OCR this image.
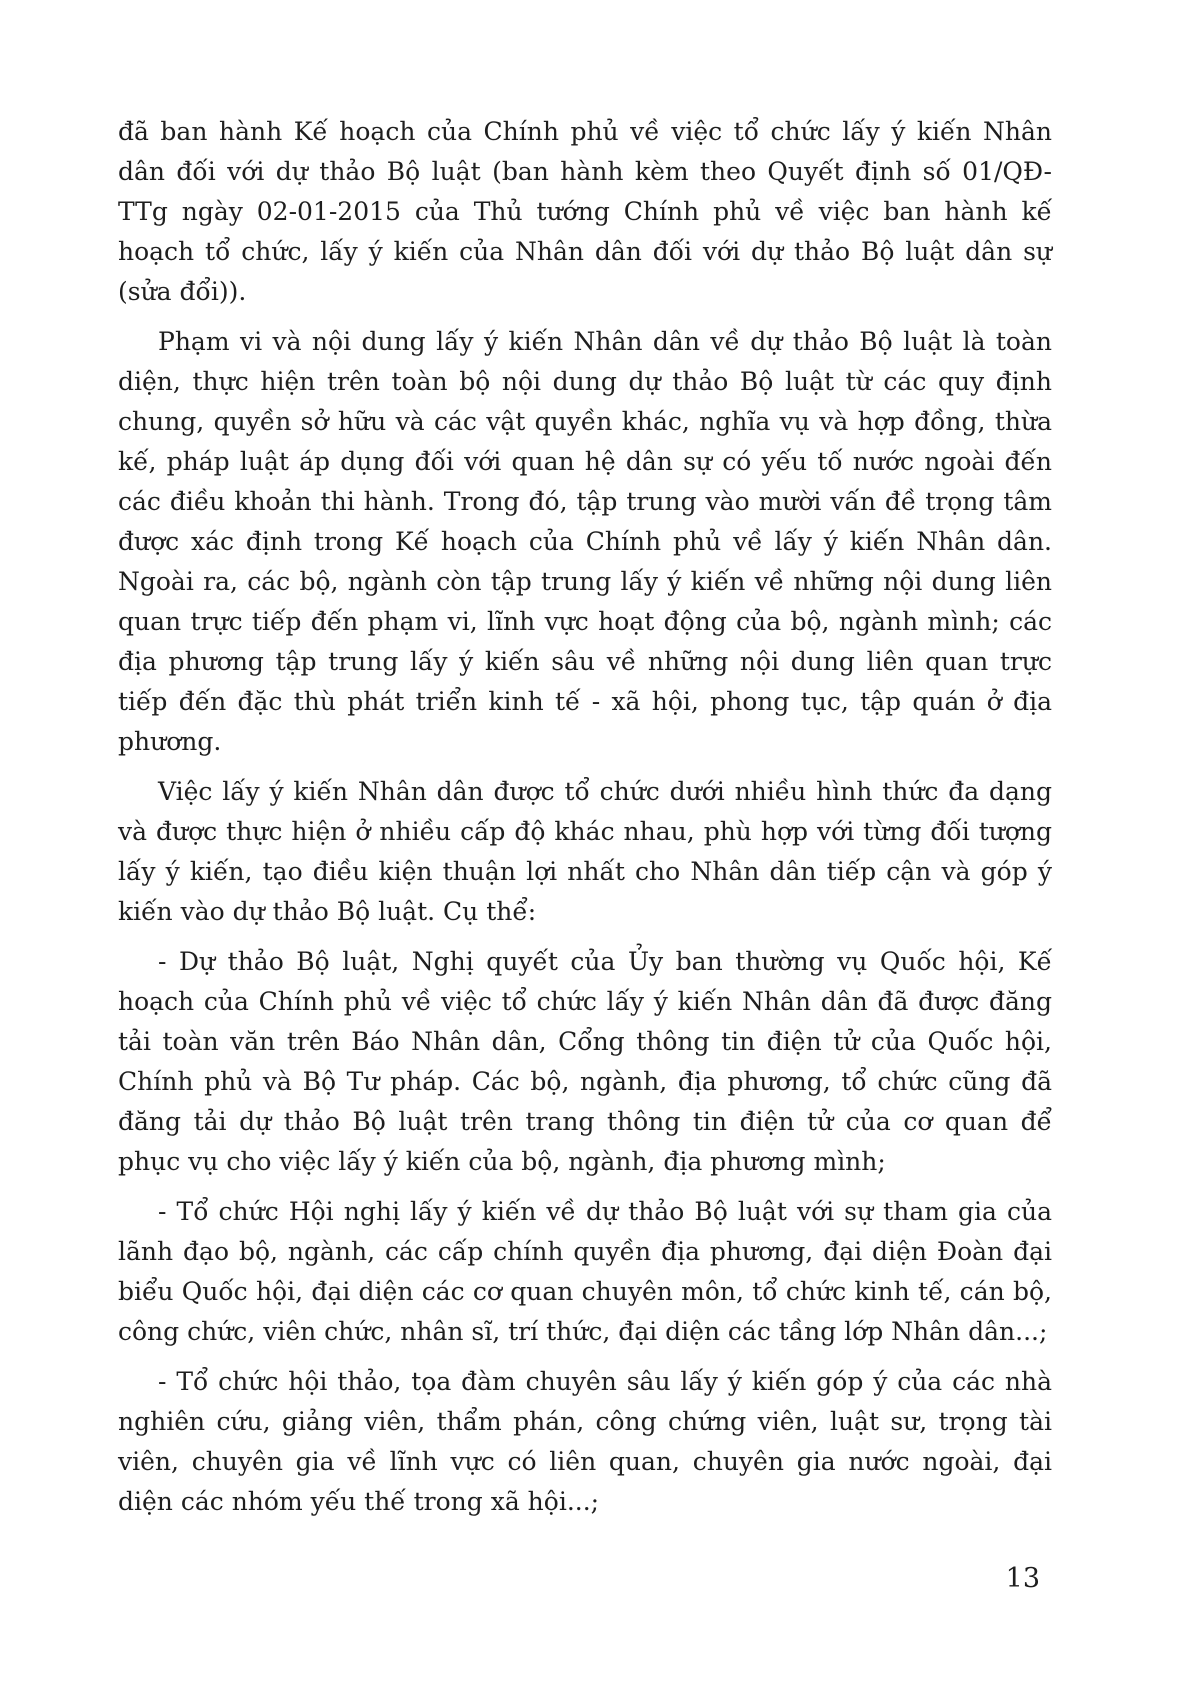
đã ban hành Kế hoạch của Chính phủ về việc tổ chức lấy ý kiến Nhân dân đối với dự thảo Bộ luật (ban hành kèm theo Quyết định số 01/QĐ-TTg ngày 02-01-2015 của Thủ tướng Chính phủ về việc ban hành kế hoạch tổ chức, lấy ý kiến của Nhân dân đối với dự thảo Bộ luật dân sự (sửa đổi)).

Phạm vi và nội dung lấy ý kiến Nhân dân về dự thảo Bộ luật là toàn diện, thực hiện trên toàn bộ nội dung dự thảo Bộ luật từ các quy định chung, quyền sở hữu và các vật quyền khác, nghĩa vụ và hợp đồng, thừa kế, pháp luật áp dụng đối với quan hệ dân sự có yếu tố nước ngoài đến các điều khoản thi hành. Trong đó, tập trung vào mười vấn đề trọng tâm được xác định trong Kế hoạch của Chính phủ về lấy ý kiến Nhân dân. Ngoài ra, các bộ, ngành còn tập trung lấy ý kiến về những nội dung liên quan trực tiếp đến phạm vi, lĩnh vực hoạt động của bộ, ngành mình; các địa phương tập trung lấy ý kiến sâu về những nội dung liên quan trực tiếp đến đặc thù phát triển kinh tế - xã hội, phong tục, tập quán ở địa phương.

Việc lấy ý kiến Nhân dân được tổ chức dưới nhiều hình thức đa dạng và được thực hiện ở nhiều cấp độ khác nhau, phù hợp với từng đối tượng lấy ý kiến, tạo điều kiện thuận lợi nhất cho Nhân dân tiếp cận và góp ý kiến vào dự thảo Bộ luật. Cụ thể:

- Dự thảo Bộ luật, Nghị quyết của Ủy ban thường vụ Quốc hội, Kế hoạch của Chính phủ về việc tổ chức lấy ý kiến Nhân dân đã được đăng tải toàn văn trên Báo Nhân dân, Cổng thông tin điện tử của Quốc hội, Chính phủ và Bộ Tư pháp. Các bộ, ngành, địa phương, tổ chức cũng đã đăng tải dự thảo Bộ luật trên trang thông tin điện tử của cơ quan để phục vụ cho việc lấy ý kiến của bộ, ngành, địa phương mình;

- Tổ chức Hội nghị lấy ý kiến về dự thảo Bộ luật với sự tham gia của lãnh đạo bộ, ngành, các cấp chính quyền địa phương, đại diện Đoàn đại biểu Quốc hội, đại diện các cơ quan chuyên môn, tổ chức kinh tế, cán bộ, công chức, viên chức, nhân sĩ, trí thức, đại diện các tầng lớp Nhân dân...;

- Tổ chức hội thảo, tọa đàm chuyên sâu lấy ý kiến góp ý của các nhà nghiên cứu, giảng viên, thẩm phán, công chứng viên, luật sư, trọng tài viên, chuyên gia về lĩnh vực có liên quan, chuyên gia nước ngoài, đại diện các nhóm yếu thế trong xã hội...;

13
